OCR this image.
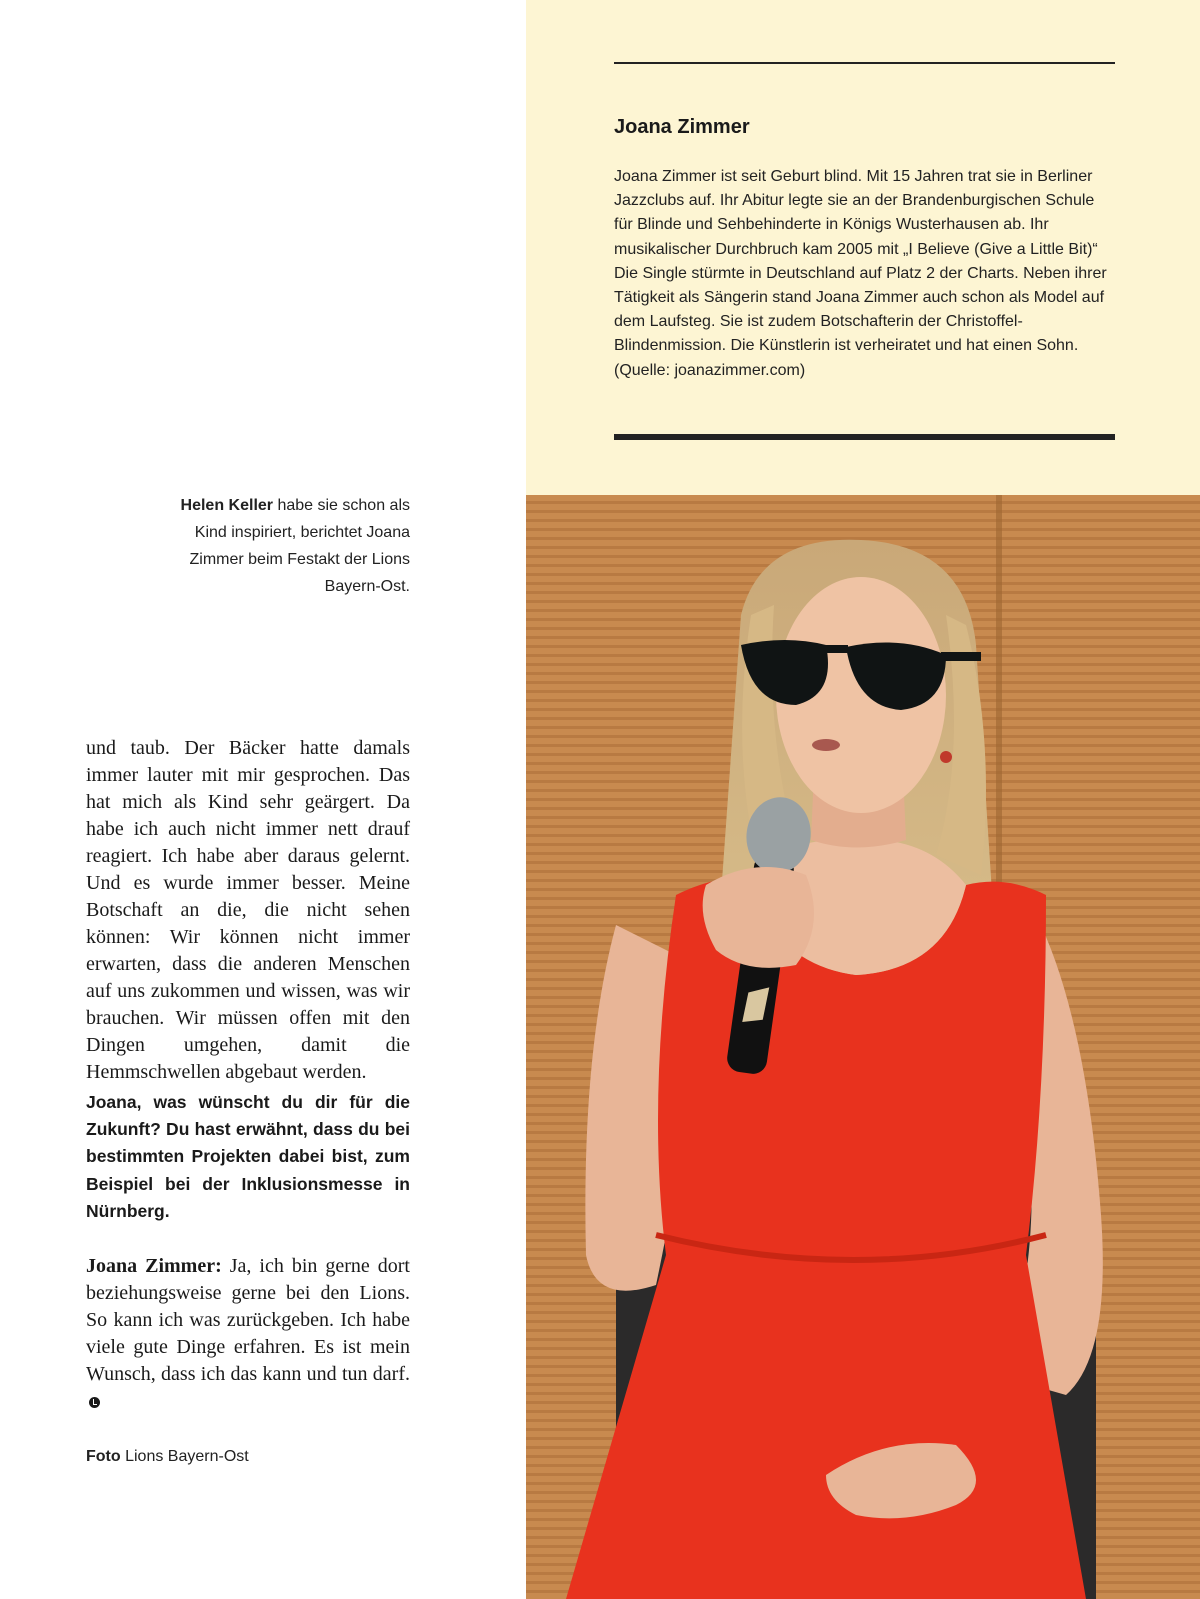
Joana Zimmer

Joana Zimmer ist seit Geburt blind. Mit 15 Jahren trat sie in Berliner Jazzclubs auf. Ihr Abitur legte sie an der Brandenburgischen Schule für Blinde und Sehbehinderte in Königs Wusterhausen ab. Ihr musikalischer Durchbruch kam 2005 mit „I Believe (Give a Little Bit)“ Die Single stürmte in Deutschland auf Platz 2 der Charts. Neben ihrer Tätigkeit als Sängerin stand Joana Zimmer auch schon als Model auf dem Laufsteg. Sie ist zudem Botschafterin der Christoffel-Blindenmission. Die Künstlerin ist verheiratet und hat einen Sohn. (Quelle: joanazimmer.com)

Helen Keller habe sie schon als Kind inspiriert, berichtet Joana Zimmer beim Festakt der Lions Bayern-Ost.

und taub. Der Bäcker hatte damals immer lauter mit mir gesprochen. Das hat mich als Kind sehr geärgert. Da habe ich auch nicht immer nett drauf reagiert. Ich habe aber daraus gelernt. Und es wurde immer besser. Meine Botschaft an die, die nicht sehen können: Wir können nicht immer erwarten, dass die anderen Menschen auf uns zukommen und wissen, was wir brauchen. Wir müssen offen mit den Dingen umgehen, damit die Hemmschwellen abgebaut werden.

Joana, was wünscht du dir für die Zukunft? Du hast erwähnt, dass du bei bestimmten Projekten dabei bist, zum Beispiel bei der Inklusionsmesse in Nürnberg.

Joana Zimmer: Ja, ich bin gerne dort beziehungsweise gerne bei den Lions. So kann ich was zurückgeben. Ich habe viele gute Dinge erfahren. Es ist mein Wunsch, dass ich das kann und tun darf.

Foto Lions Bayern-Ost
